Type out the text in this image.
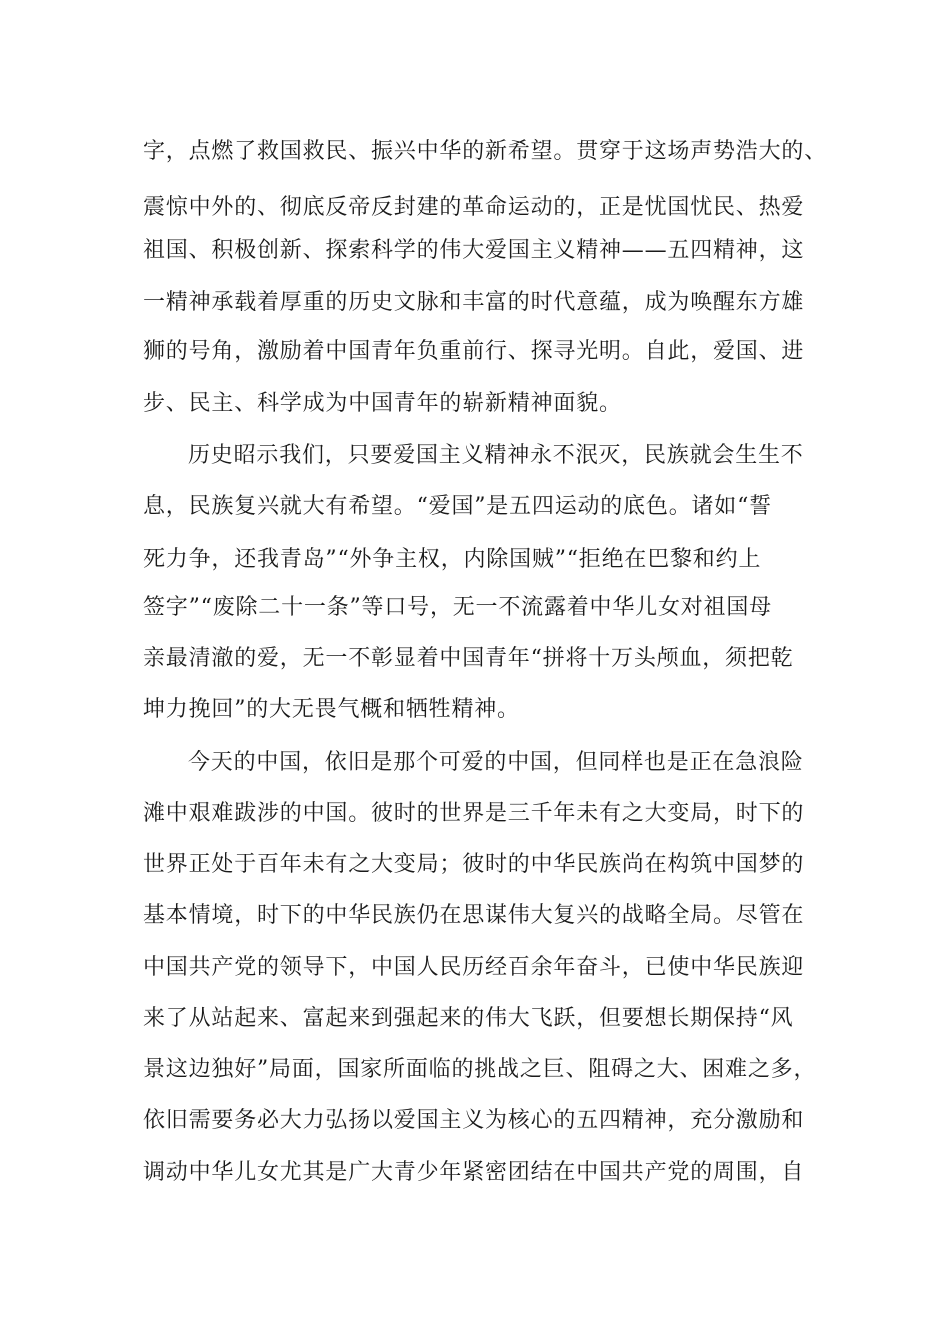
字，点燃了救国救民、振兴中华的新希望。贯穿于这场声势浩大的、
震惊中外的、彻底反帝反封建的革命运动的，正是忧国忧民、热爱
祖国、积极创新、探索科学的伟大爱国主义精神——五四精神，这
一精神承载着厚重的历史文脉和丰富的时代意蕴，成为唤醒东方雄
狮的号角，激励着中国青年负重前行、探寻光明。自此，爱国、进
步、民主、科学成为中国青年的崭新精神面貌。
历史昭示我们，只要爱国主义精神永不泯灭，民族就会生生不
息，民族复兴就大有希望。“爱国”是五四运动的底色。诸如“誓
死力争，还我青岛”“外争主权，内除国贼”“拒绝在巴黎和约上
签字”“废除二十一条”等口号，无一不流露着中华儿女对祖国母
亲最清澈的爱，无一不彰显着中国青年“拼将十万头颅血，须把乾
坤力挽回”的大无畏气概和牺牲精神。
今天的中国，依旧是那个可爱的中国，但同样也是正在急浪险
滩中艰难跋涉的中国。彼时的世界是三千年未有之大变局，时下的
世界正处于百年未有之大变局；彼时的中华民族尚在构筑中国梦的
基本情境，时下的中华民族仍在思谋伟大复兴的战略全局。尽管在
中国共产党的领导下，中国人民历经百余年奋斗，已使中华民族迎
来了从站起来、富起来到强起来的伟大飞跃，但要想长期保持“风
景这边独好”局面，国家所面临的挑战之巨、阻碍之大、困难之多，
依旧需要务必大力弘扬以爱国主义为核心的五四精神，充分激励和
调动中华儿女尤其是广大青少年紧密团结在中国共产党的周围，自
